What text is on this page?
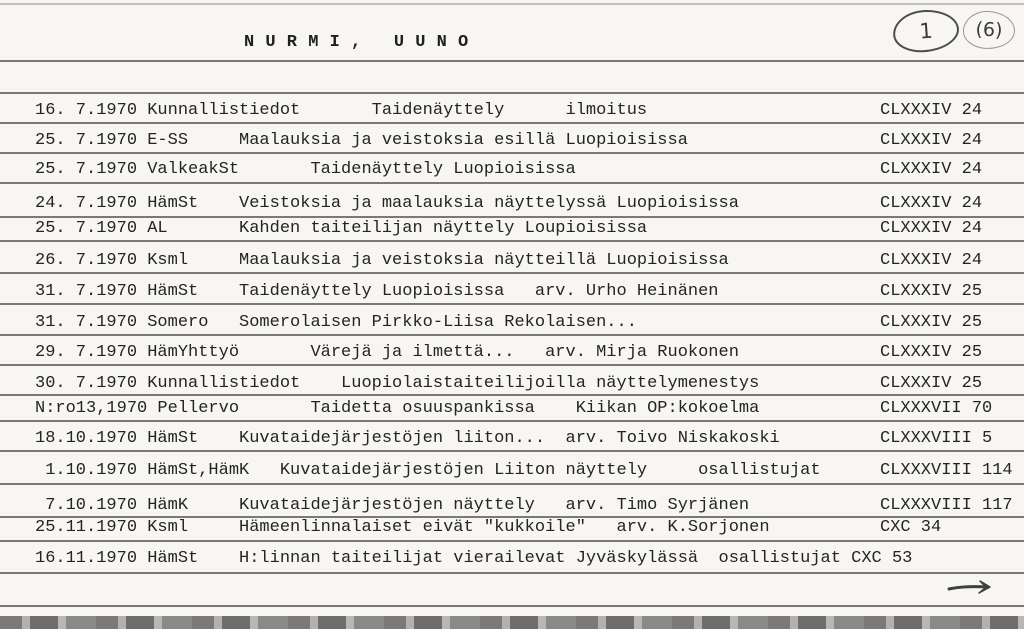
N U R M I ,   U U N O	1 (6)
16. 7.1970 Kunnallistiedot       Taidenäyttely      ilmoitus	CLXXXIV 24
25. 7.1970 E-SS     Maalauksia ja veistoksia esillä Luopioisissa	CLXXXIV 24
25. 7.1970 ValkeakSt       Taidenäyttely Luopioisissa	CLXXXIV 24
24. 7.1970 HämSt    Veistoksia ja maalauksia näyttelyssä Luopioisissa	CLXXXIV 24
25. 7.1970 AL       Kahden taiteilijan näyttely Loupioisissa	CLXXXIV 24
26. 7.1970 Ksml     Maalauksia ja veistoksia näytteillä Luopioisissa	CLXXXIV 24
31. 7.1970 HämSt    Taidenäyttely Luopioisissa   arv. Urho Heinänen	CLXXXIV 25
31. 7.1970 Somero   Somerolaisen Pirkko-Liisa Rekolaisen...	CLXXXIV 25
29. 7.1970 HämYhttyö       Värejä ja ilmettä...   arv. Mirja Ruokonen	CLXXXIV 25
30. 7.1970 Kunnallistiedot    Luopiolaistaiteilijoilla näyttelymenestys	CLXXXIV 25
N:ro13,1970 Pellervo       Taidetta osuuspankissa    Kiikan OP:kokoelma	CLXXXVII 70
18.10.1970 HämSt    Kuvataidejärjestöjen liiton...  arv. Toivo Niskakoski	CLXXXVIII 5
1.10.1970 HämSt,HämK   Kuvataidejärjestöjen Liiton näyttely     osallistujat	CLXXXVIII 114
7.10.1970 HämK     Kuvataidejärjestöjen näyttely   arv. Timo Syrjänen	CLXXXVIII 117
25.11.1970 Ksml     Hämeenlinnalaiset eivät "kukkoile"   arv. K.Sorjonen	CXC 34
16.11.1970 HämSt    H:linnan taiteilijat vierailevat Jyväskylässä  osallistujat CXC 53
